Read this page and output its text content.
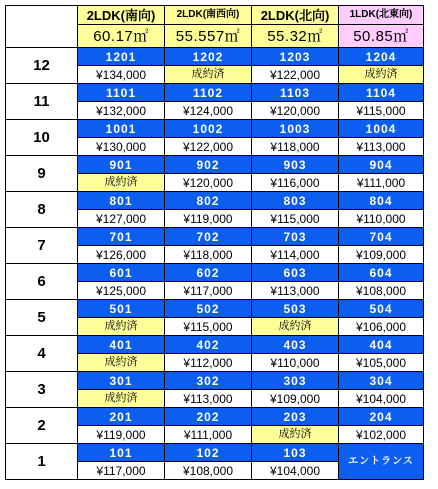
	2LDK(南向)	2LDK(南西向)	2LDK(北向)	1LDK(北東向)
	60.17㎡	55.557㎡	55.32㎡	50.85㎡
12	1201	1202	1203	1204
	¥134,000	成約済	¥122,000	成約済
11	1101	1102	1103	1104
	¥132,000	¥124,000	¥120,000	¥115,000
10	1001	1002	1003	1004
	¥130,000	¥122,000	¥118,000	¥113,000
9	901	902	903	904
	成約済	¥120,000	¥116,000	¥111,000
8	801	802	803	804
	¥127,000	¥119,000	¥115,000	¥110,000
7	701	702	703	704
	¥126,000	¥118,000	¥114,000	¥109,000
6	601	602	603	604
	¥125,000	¥117,000	¥113,000	¥108,000
5	501	502	503	504
	成約済	¥115,000	成約済	¥106,000
4	401	402	403	404
	成約済	¥112,000	¥110,000	¥105,000
3	301	302	303	304
	成約済	¥113,000	¥109,000	¥104,000
2	201	202	203	204
	¥119,000	¥111,000	成約済	¥102,000
1	101	102	103	エントランス
	¥117,000	¥108,000	¥104,000	
